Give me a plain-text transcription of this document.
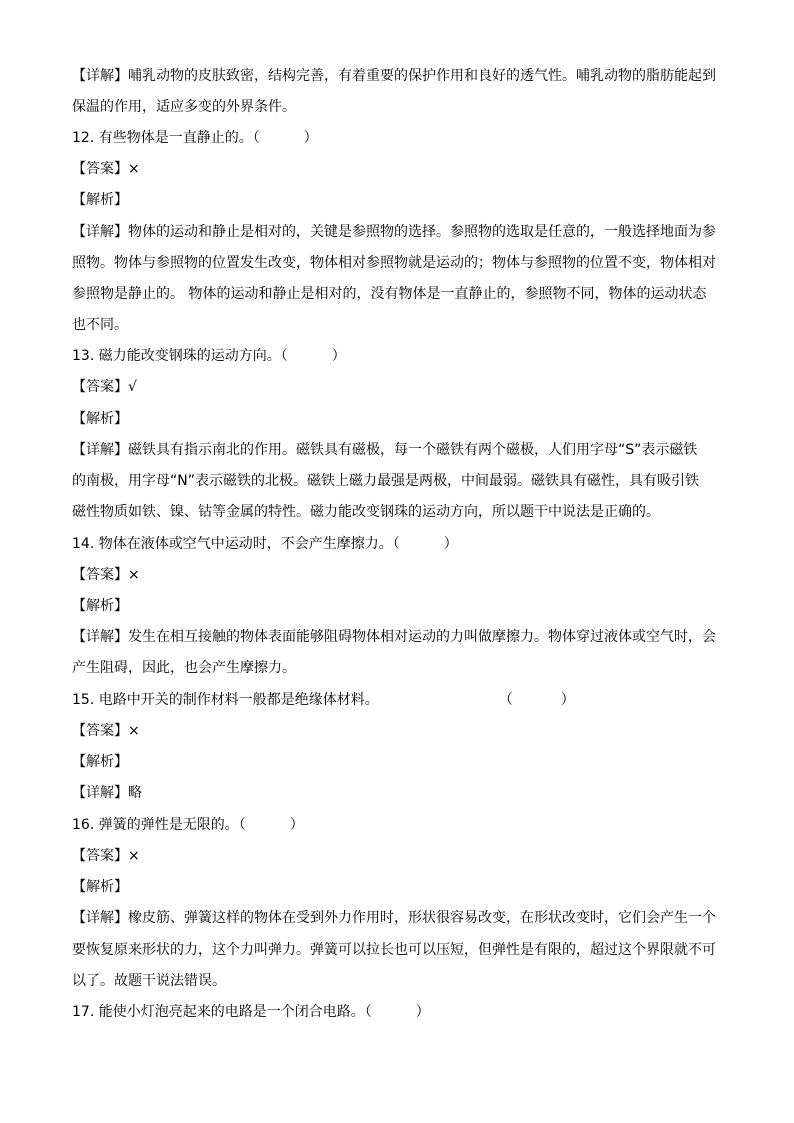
【详解】哺乳动物的皮肤致密，结构完善，有着重要的保护作用和良好的透气性。哺乳动物的脂肪能起到
保温的作用，适应多变的外界条件。
12. 有些物体是一直静止的。（	）
【答案】×
【解析】
【详解】物体的运动和静止是相对的，关键是参照物的选择。参照物的选取是任意的，一般选择地面为参
照物。物体与参照物的位置发生改变，物体相对参照物就是运动的；物体与参照物的位置不变，物体相对
参照物是静止的。 物体的运动和静止是相对的，没有物体是一直静止的，参照物不同，物体的运动状态
也不同。
13. 磁力能改变钢珠的运动方向。（	）
【答案】√
【解析】
【详解】磁铁具有指示南北的作用。磁铁具有磁极，每一个磁铁有两个磁极，人们用字母“S”表示磁铁
的南极，用字母“N”表示磁铁的北极。磁铁上磁力最强是两极，中间最弱。磁铁具有磁性，具有吸引铁
磁性物质如铁、镍、钴等金属的特性。磁力能改变钢珠的运动方向，所以题干中说法是正确的。
14. 物体在液体或空气中运动时，不会产生摩擦力。（	）
【答案】×
【解析】
【详解】发生在相互接触的物体表面能够阻碍物体相对运动的力叫做摩擦力。物体穿过液体或空气时，会
产生阻碍，因此，也会产生摩擦力。
15. 电路中开关的制作材料一般都是绝缘体材料。	（	）
【答案】×
【解析】
【详解】略
16. 弹簧的弹性是无限的。（	）
【答案】×
【解析】
【详解】橡皮筋、弹簧这样的物体在受到外力作用时，形状很容易改变，在形状改变时，它们会产生一个
要恢复原来形状的力，这个力叫弹力。弹簧可以拉长也可以压短，但弹性是有限的，超过这个界限就不可
以了。故题干说法错误。
17. 能使小灯泡亮起来的电路是一个闭合电路。（	）
